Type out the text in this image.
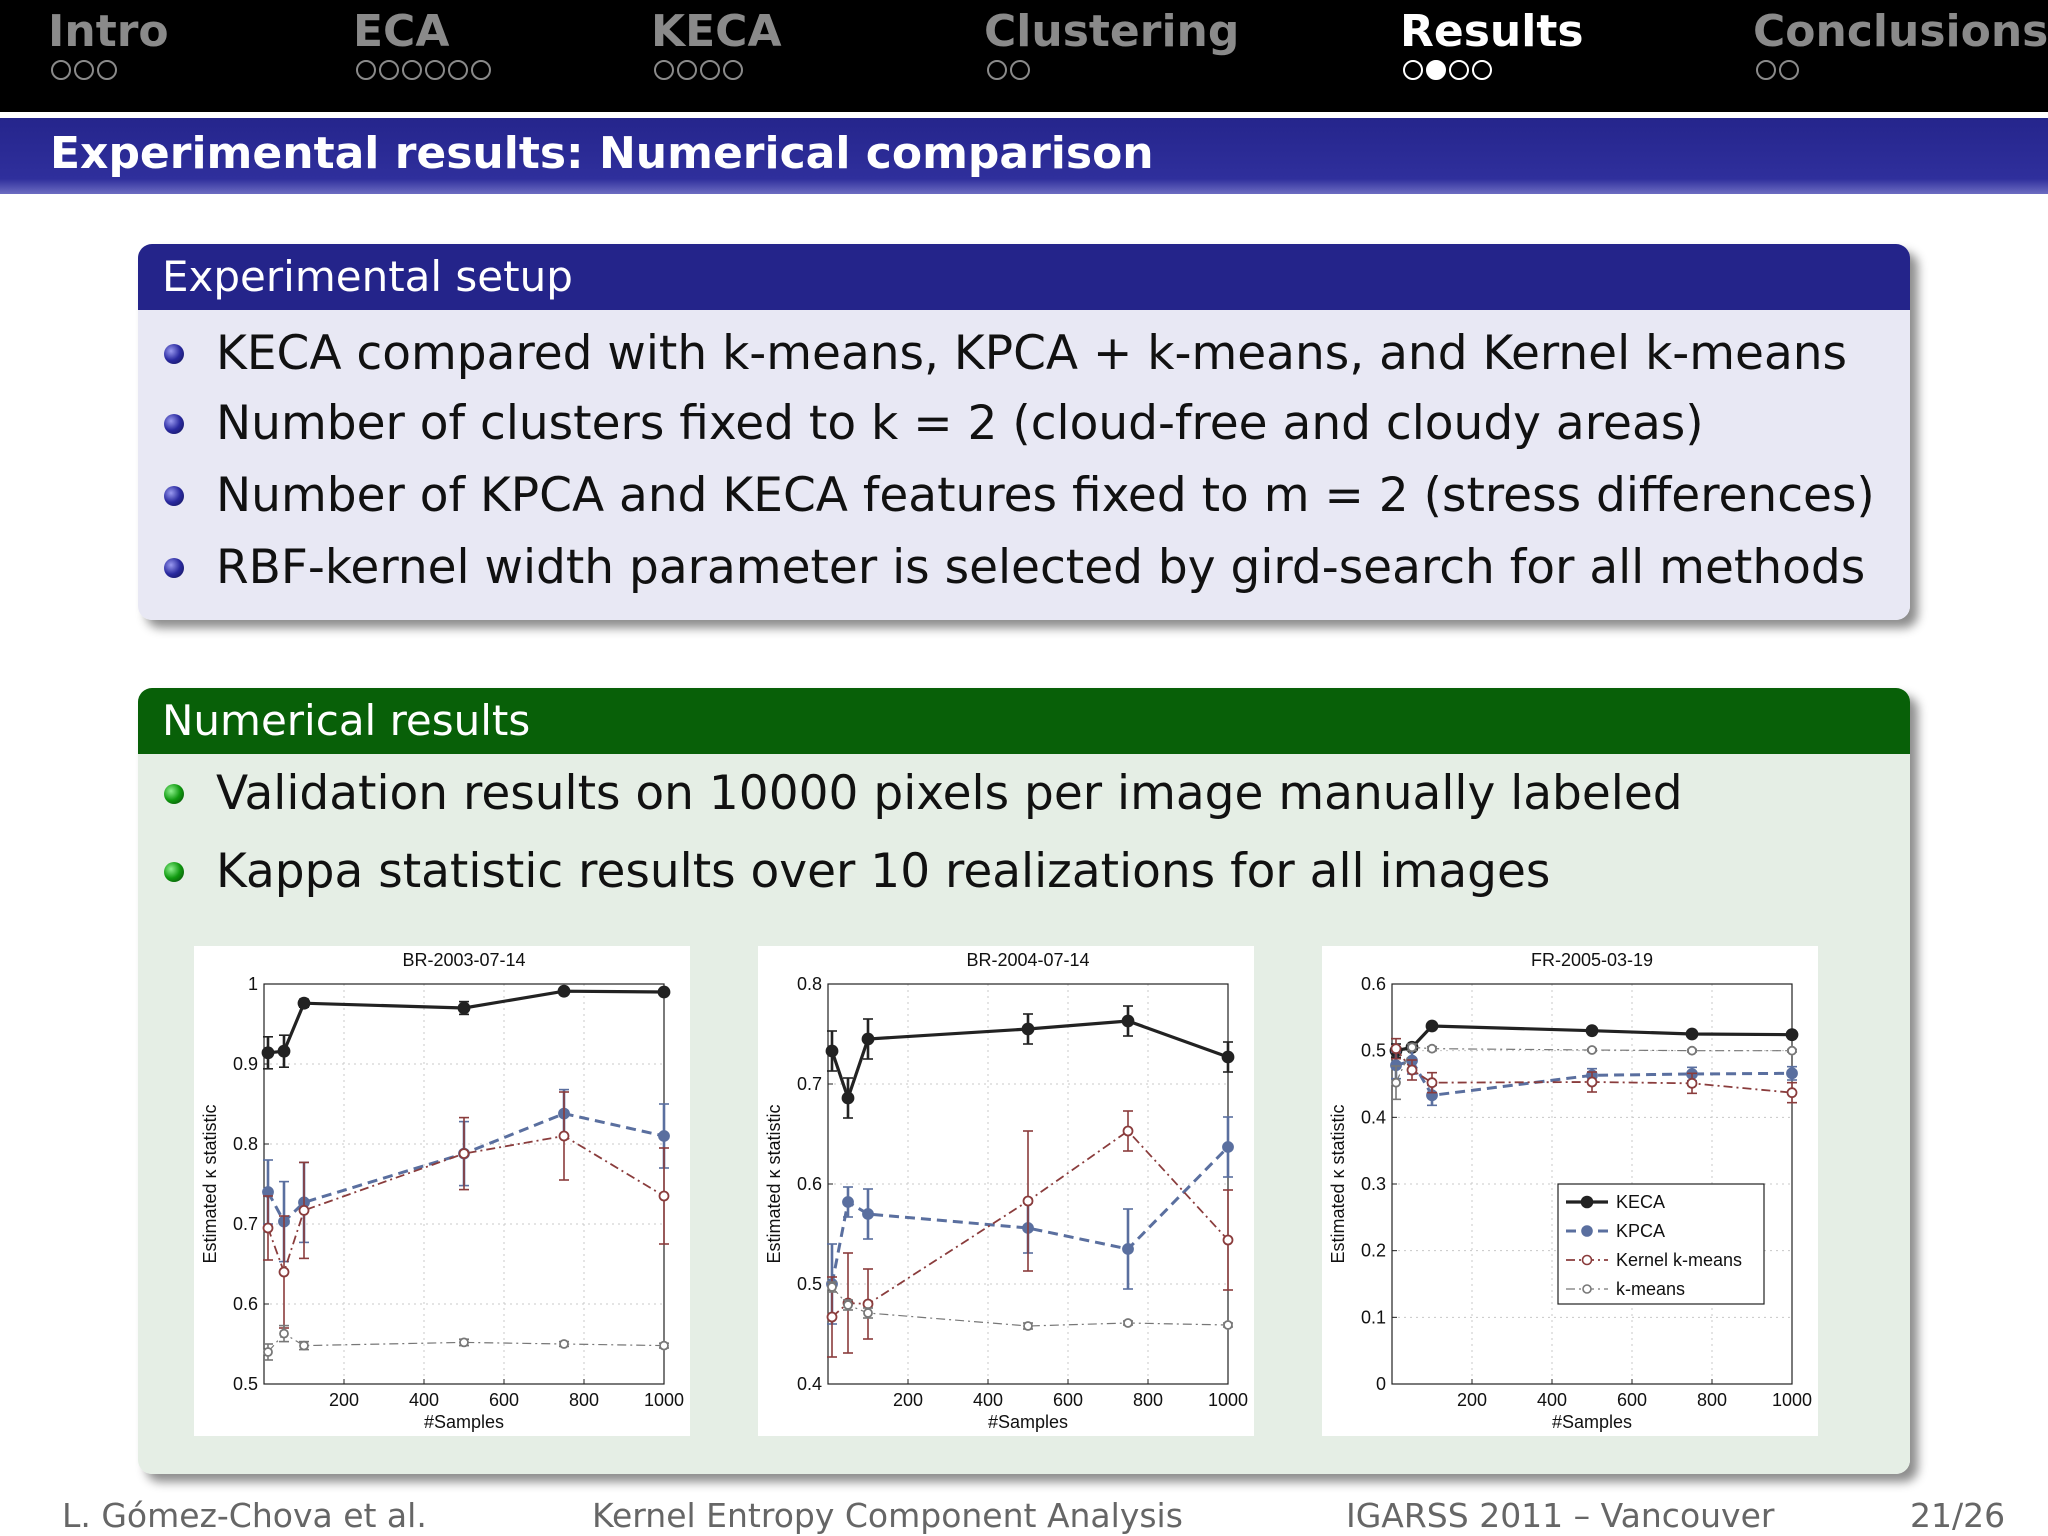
Intro	ECA	KECA	Clustering	Results	Conclusions
Experimental results: Numerical comparison
Experimental setup
KECA compared with k-means, KPCA + k-means, and Kernel k-means
Number of clusters fixed to k = 2 (cloud-free and cloudy areas)
Number of KPCA and KECA features fixed to m = 2 (stress differences)
RBF-kernel width parameter is selected by gird-search for all methods
Numerical results
Validation results on 10000 pixels per image manually labeled
Kappa statistic results over 10 realizations for all images
200	400	600	800 1000
0.5
0.6
0.7
0.8
0.9
1
BR-2003-07-14
#Samples
Estimated κ statistic
200	400	600	800 1000
0.4
0.5
0.6
0.7
0.8
BR-2004-07-14
#Samples
Estimated κ statistic
200	400	600	800 1000
0
0.1
0.2
0.3
0.4
0.5
0.6
FR-2005-03-19
#Samples
Estimated κ statistic	KECA
KPCA
Kernel k-means
k-means
L. Gómez-Chova et al.	Kernel Entropy Component Analysis	IGARSS 2011 – Vancouver	21/26
